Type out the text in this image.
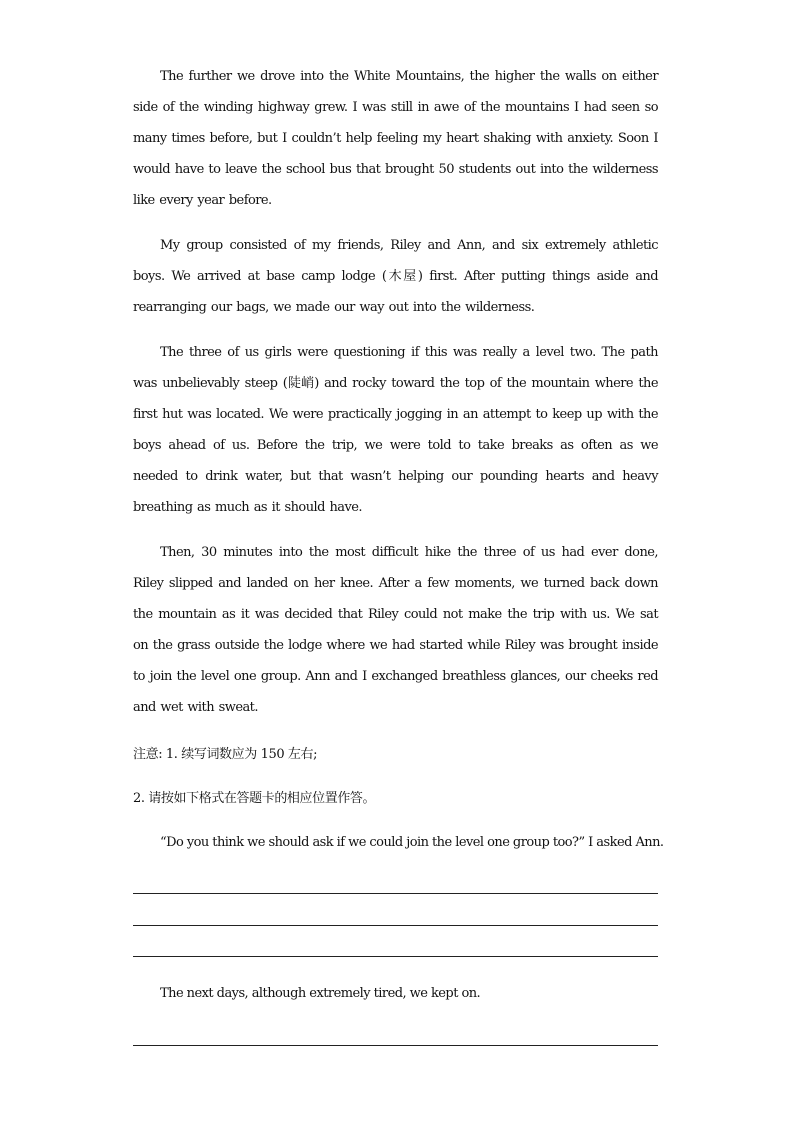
The further we drove into the White Mountains, the higher the walls on either side of the winding highway grew. I was still in awe of the mountains I had seen so many times before, but I couldn’t help feeling my heart shaking with anxiety. Soon I would have to leave the school bus that brought 50 students out into the wilderness like every year before.

My group consisted of my friends, Riley and Ann, and six extremely athletic boys. We arrived at base camp lodge (木屋) first. After putting things aside and rearranging our bags, we made our way out into the wilderness.

The three of us girls were questioning if this was really a level two. The path was unbelievably steep (陡峭) and rocky toward the top of the mountain where the first hut was located. We were practically jogging in an attempt to keep up with the boys ahead of us. Before the trip, we were told to take breaks as often as we needed to drink water, but that wasn’t helping our pounding hearts and heavy breathing as much as it should have.

Then, 30 minutes into the most difficult hike the three of us had ever done, Riley slipped and landed on her knee. After a few moments, we turned back down the mountain as it was decided that Riley could not make the trip with us. We sat on the grass outside the lodge where we had started while Riley was brought inside to join the level one group. Ann and I exchanged breathless glances, our cheeks red and wet with sweat.

注意: 1. 续写词数应为 150 左右;

2. 请按如下格式在答题卡的相应位置作答。

“Do you think we should ask if we could join the level one group too?” I asked Ann.

The next days, although extremely tired, we kept on.
